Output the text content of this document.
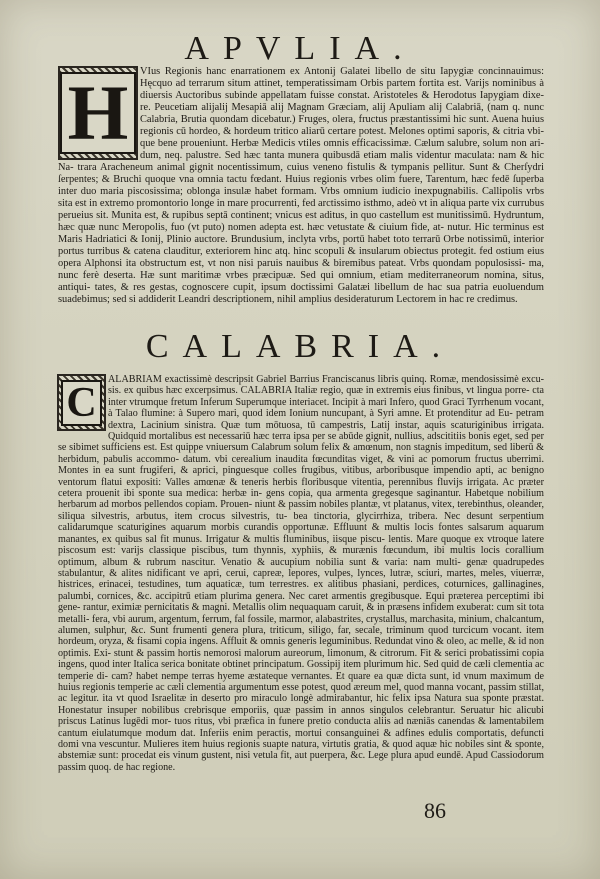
APVLIA.
H	VIus Regionis hanc enarrationem ex Antonij Galatei libello de situ Iapygiæ concinnauimus: Hęcquo ad terrarum situm attinet, temperatissimam Orbis partem fortita est. Varijs nominibus à diuersis Auctoribus subinde appellatam fuisse constat. Aristoteles & Herodotus Iapygiam dixe- re. Peucetiam alijalij Mesapiā alij Magnam Græciam, alij Apuliam alij Calabriā, (nam q. nunc Calabria, Brutia quondam dicebatur.) Fruges, olera, fructus præstantissimi hic sunt. Auena huius regionis cū hordeo, & hordeum tritico aliarū certare potest. Melones optimi saporis, & citria vbi- que bene proueniunt. Herbæ Medicis vtiles omnis efficacissimæ. Cælum salubre, solum non ari- dum, neq. palustre. Sed hæc tanta munera quibusdā etiam malis videntur maculata: nam & hic Na- trara Aracheneum animal gignit nocentissimum, cuius veneno fistulis & tympanis pellitur. Sunt & Cherſydri ſerpentes; & Bruchi quoque vna omnia tactu fœdant. Huius regionis vrbes olim fuere, Tarentum, hæc fedē ſuperba inter duo maria piscosissima; oblonga insulæ habet formam. Vrbs omnium iudicio inexpugnabilis. Callipolis vrbs sita est in extremo promontorio longe in mare procurrenti, fed arctissimo isthmo, adeò vt in aliqua parte vix currubus perueius sit. Munita est, & rupibus septā continent; vnicus est aditus, in quo castellum est munitissimū. Hydruntum, hæc quæ nunc Meropolis, fuo (vt puto) nomen adepta est. hæc vetustate & ciuium fide, at- nutur. Hic terminus est Maris Hadriatici & Ionij, Plinio auctore. Brundusium, inclyta vrbs, portū habet toto terrarū Orbe notissimū, interior portus turribus & catena clauditur, exteriorem hinc atq. hinc scopuli & insularum obiectus protegit. fed ostium eius opera Alphonsi ita obstructum est, vt non nisi paruis nauibus & biremibus pateat. Vrbs quondam populosissi- ma, nunc ferè deserta. Hæ sunt maritimæ vrbes præcipuæ. Sed qui omnium, etiam mediterraneorum nomina, situs, antiqui- tates, & res gestas, cognoscere cupit, ipsum doctissimi Galatæi libellum de hac sua patria euoluendum suadebimus; sed si addiderit Leandri descriptionem, nihil amplius desideraturum Lectorem in hac re credimus.

CALABRIA.
C	ALABRIAM exactissimè descripsit Gabriel Barrius Franciscanus libris quinq. Romæ, mendosissimè excu- sis. ex quibus hæc excerpsimus. CALABRIA Italiæ regio, quæ in extremis eius finibus, vt lingua porre- cta inter vtrumque fretum Inferum Superumque interiacet. Incipit à mari Infero, quod Graci Tyrrhenum vocant, à Talao flumine: à Supero mari, quod idem Ionium nuncupant, à Syri amne. Et protenditur ad Eu- petram dextra, Lacinium sinistra. Quæ tum mōtuosa, tū campestris, Latij instar, aquis scaturiginibus irrigata. Quidquid mortalibus est necessariū hæc terra ipsa per se abūde gignit, nullius, adscititiis bonis eget, sed per se sibimet sufficiens est. Est quippe vniuersum Calabrum solum felix & amœnum, non stagnis impeditum, sed liberū & herbidum, pabulis accommo- datum. vbi cerealium inaudita fœcunditas viget, & vini ac pomorum fructus uberrimi. Montes in ea sunt frugiferi, & aprici, pinguesque colles frugibus, vitibus, arboribusque impendio apti, ac benigno ventorum flatui expositi: Valles amœnæ & teneris herbis floribusque vitentia, perennibus fluvijs irrigata. Ac præter cetera prouenit ibi sponte sua medica: herbæ in- gens copia, qua armenta gregesque saginantur. Habetque nobilium herbarum ad morbos pellendos copiam. Prouen- niunt & passim nobiles plantæ, vt platanus, vitex, terebinthus, oleander, siliqua silvestris, arbutus, item crocus silvestris, tu- bea tinctoria, glycirrhiza, tribera. Nec desunt serpentium calidarumque scaturigines aquarum morbis curandis opportunæ. Effluunt & multis locis fontes salsarum aquarum manantes, ex quibus sal fit munus. Irrigatur & multis fluminibus, iisque piscu- lentis. Mare quoque ex vtroque latere piscosum est: varijs classique piscibus, tum thynnis, xyphiis, & murænis fœcundum, ibi multis locis corallium optimum, album & rubrum nascitur. Venatio & aucupium nobilia sunt & varia: nam multi- genæ quadrupedes stabulantur, & alites nidificant ve apri, cerui, capreæ, lepores, vulpes, lynces, lutræ, sciuri, martes, meles, viuerræ, histrices, erinacei, testudines, tum aquaticæ, tum terrestres. ex alitibus phasiani, perdices, coturnices, gallinagines, palumbi, cornices, &c. accipitrū etiam plurima genera. Nec caret armentis gregibusque. Equi præterea perceptimi ibi gene- rantur, eximiæ pernicitatis & magni. Metallis olim nequaquam caruit, & in præsens infidem exuberat: cum sit tota metalli- fera, vbi aurum, argentum, ferrum, fal fossile, marmor, alabastrites, crystallus, marchasita, minium, chalcantum, alumen, sulphur, &c. Sunt frumenti genera plura, triticum, siligo, far, secale, triminum quod turcicum vocant. item hordeum, oryza, & fisami copia ingens. Affluit & omnis generis leguminibus. Redundat vino & oleo, ac melle, & id non optimis. Exi- stunt & passim hortis nemorosi malorum aureorum, limonum, & citrorum. Fit & serici probatissimi copia ingens, quod inter Italica serica bonitate obtinet principatum. Gossipij item plurimum hic. Sed quid de cæli clementia ac temperie di- cam? habet nempe terras hyeme æstateque vernantes. Et quare ea quæ dicta sunt, id vnum maximum de huius regionis temperie ac cæli clementia argumentum esse potest, quod æreum mel, quod manna vocant, passim stillat, ac legitur. ita vt quod Israelitæ in deserto pro miraculo longè admirabantur, hic felix ipsa Natura sua sponte præstat. Honestatur insuper nobilibus crebrisque emporiis, quæ passim in annos singulos celebrantur. Seruatur hic alicubi priscus Latinus lugēdi mor- tuos ritus, vbi præfica in funere pretio conducta aliis ad næniās canendas & lamentabilem cantum eiulatumque modum dat. Inferiis enim peractis, mortui consanguinei & adfines edulis comportatis, defuncti domi vna vescuntur. Mulieres item huius regionis suapte natura, virtutis gratia, & quod aquæ hic nobiles sint & sponte, abstemiæ sunt: procedat eis vinum gustent, nisi vetula fit, aut puerpera, &c. Lege plura apud eundē. Apud Cassiodorum passim quoq. de hac regione.

86
